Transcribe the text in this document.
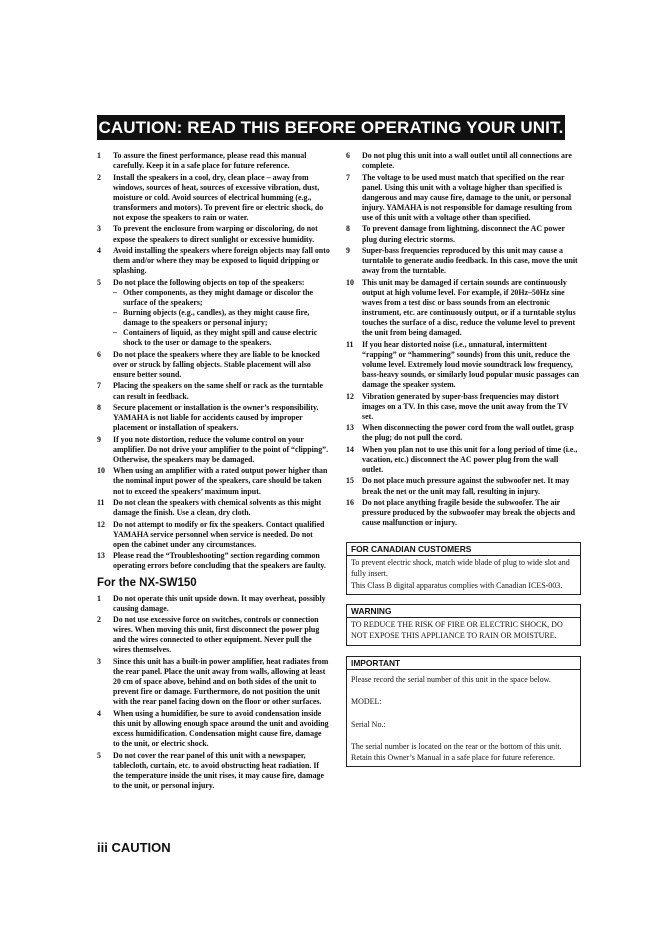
CAUTION: READ THIS BEFORE OPERATING YOUR UNIT.
1	To assure the finest performance, please read this manual carefully. Keep it in a safe place for future reference.
2	Install the speakers in a cool, dry, clean place – away from windows, sources of heat, sources of excessive vibration, dust, moisture or cold. Avoid sources of electrical humming (e.g., transformers and motors). To prevent fire or electric shock, do not expose the speakers to rain or water.
3	To prevent the enclosure from warping or discoloring, do not expose the speakers to direct sunlight or excessive humidity.
4	Avoid installing the speakers where foreign objects may fall onto them and/or where they may be exposed to liquid dripping or splashing.
5	Do not place the following objects on top of the speakers:
– Other components, as they might damage or discolor the surface of the speakers;
– Burning objects (e.g., candles), as they might cause fire, damage to the speakers or personal injury;
– Containers of liquid, as they might spill and cause electric shock to the user or damage to the speakers.
6	Do not place the speakers where they are liable to be knocked over or struck by falling objects. Stable placement will also ensure better sound.
7	Placing the speakers on the same shelf or rack as the turntable can result in feedback.
8	Secure placement or installation is the owner’s responsibility. YAMAHA is not liable for accidents caused by improper placement or installation of speakers.
9	If you note distortion, reduce the volume control on your amplifier. Do not drive your amplifier to the point of “clipping”. Otherwise, the speakers may be damaged.
10	When using an amplifier with a rated output power higher than the nominal input power of the speakers, care should be taken not to exceed the speakers’ maximum input.
11	Do not clean the speakers with chemical solvents as this might damage the finish. Use a clean, dry cloth.
12	Do not attempt to modify or fix the speakers. Contact qualified YAMAHA service personnel when service is needed. Do not open the cabinet under any circumstances.
13	Please read the “Troubleshooting” section regarding common operating errors before concluding that the speakers are faulty.
For the NX-SW150
1	Do not operate this unit upside down. It may overheat, possibly causing damage.
2	Do not use excessive force on switches, controls or connection wires. When moving this unit, first disconnect the power plug and the wires connected to other equipment. Never pull the wires themselves.
3	Since this unit has a built-in power amplifier, heat radiates from the rear panel. Place the unit away from walls, allowing at least 20 cm of space above, behind and on both sides of the unit to prevent fire or damage. Furthermore, do not position the unit with the rear panel facing down on the floor or other surfaces.
4	When using a humidifier, be sure to avoid condensation inside this unit by allowing enough space around the unit and avoiding excess humidification. Condensation might cause fire, damage to the unit, or electric shock.
5	Do not cover the rear panel of this unit with a newspaper, tablecloth, curtain, etc. to avoid obstructing heat radiation. If the temperature inside the unit rises, it may cause fire, damage to the unit, or personal injury.
6	Do not plug this unit into a wall outlet until all connections are complete.
7	The voltage to be used must match that specified on the rear panel. Using this unit with a voltage higher than specified is dangerous and may cause fire, damage to the unit, or personal injury. YAMAHA is not responsible for damage resulting from use of this unit with a voltage other than specified.
8	To prevent damage from lightning, disconnect the AC power plug during electric storms.
9	Super-bass frequencies reproduced by this unit may cause a turntable to generate audio feedback. In this case, move the unit away from the turntable.
10	This unit may be damaged if certain sounds are continuously output at high volume level. For example, if 20Hz–50Hz sine waves from a test disc or bass sounds from an electronic instrument, etc. are continuously output, or if a turntable stylus touches the surface of a disc, reduce the volume level to prevent the unit from being damaged.
11	If you hear distorted noise (i.e., unnatural, intermittent “rapping” or “hammering” sounds) from this unit, reduce the volume level. Extremely loud movie soundtrack low frequency, bass-heavy sounds, or similarly loud popular music passages can damage the speaker system.
12	Vibration generated by super-bass frequencies may distort images on a TV. In this case, move the unit away from the TV set.
13	When disconnecting the power cord from the wall outlet, grasp the plug; do not pull the cord.
14	When you plan not to use this unit for a long period of time (i.e., vacation, etc.) disconnect the AC power plug from the wall outlet.
15	Do not place much pressure against the subwoofer net. It may break the net or the unit may fall, resulting in injury.
16	Do not place anything fragile beside the subwoofer. The air pressure produced by the subwoofer may break the objects and cause malfunction or injury.
FOR CANADIAN CUSTOMERS

To prevent electric shock, match wide blade of plug to wide slot and fully insert.

This Class B digital apparatus complies with Canadian ICES-003.

WARNING

TO REDUCE THE RISK OF FIRE OR ELECTRIC SHOCK, DO NOT EXPOSE THIS APPLIANCE TO RAIN OR MOISTURE.

IMPORTANT

Please record the serial number of this unit in the space below.

MODEL:

Serial No.:

The serial number is located on the rear or the bottom of this unit.

Retain this Owner’s Manual in a safe place for future reference.

iii CAUTION
